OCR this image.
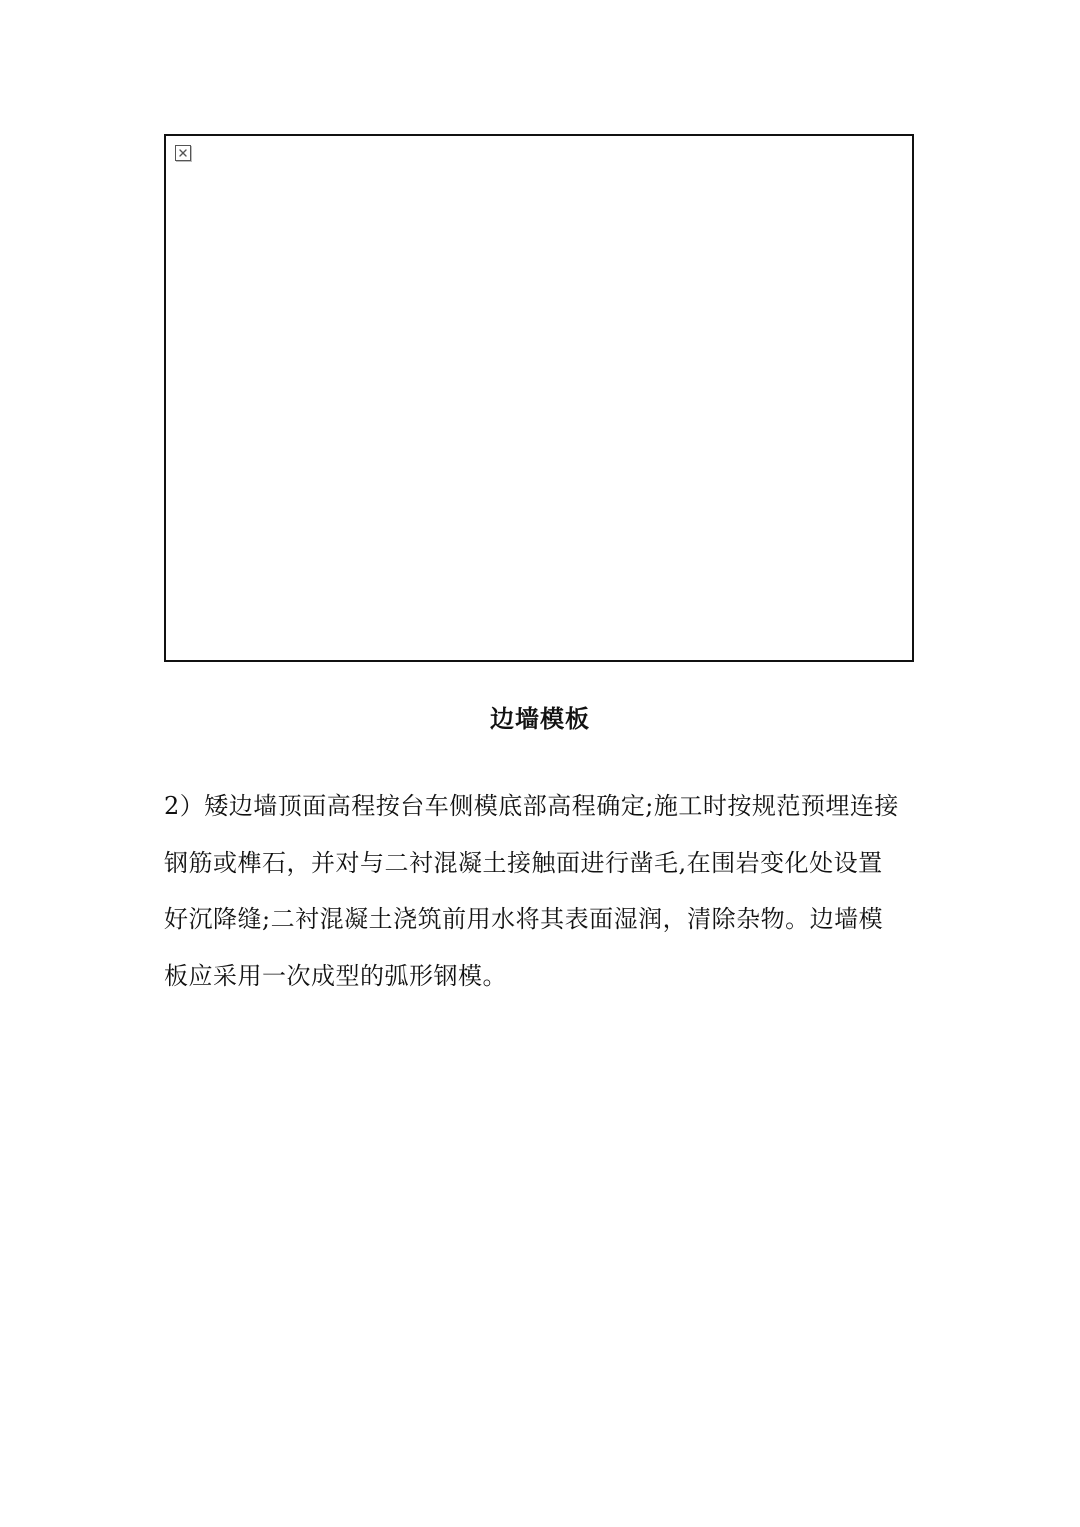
边墙模板

2）矮边墙顶面高程按台车侧模底部高程确定;施工时按规范预埋连接
钢筋或榫石，并对与二衬混凝土接触面进行凿毛,在围岩变化处设置
好沉降缝;二衬混凝土浇筑前用水将其表面湿润，清除杂物。边墙模
板应采用一次成型的弧形钢模。
